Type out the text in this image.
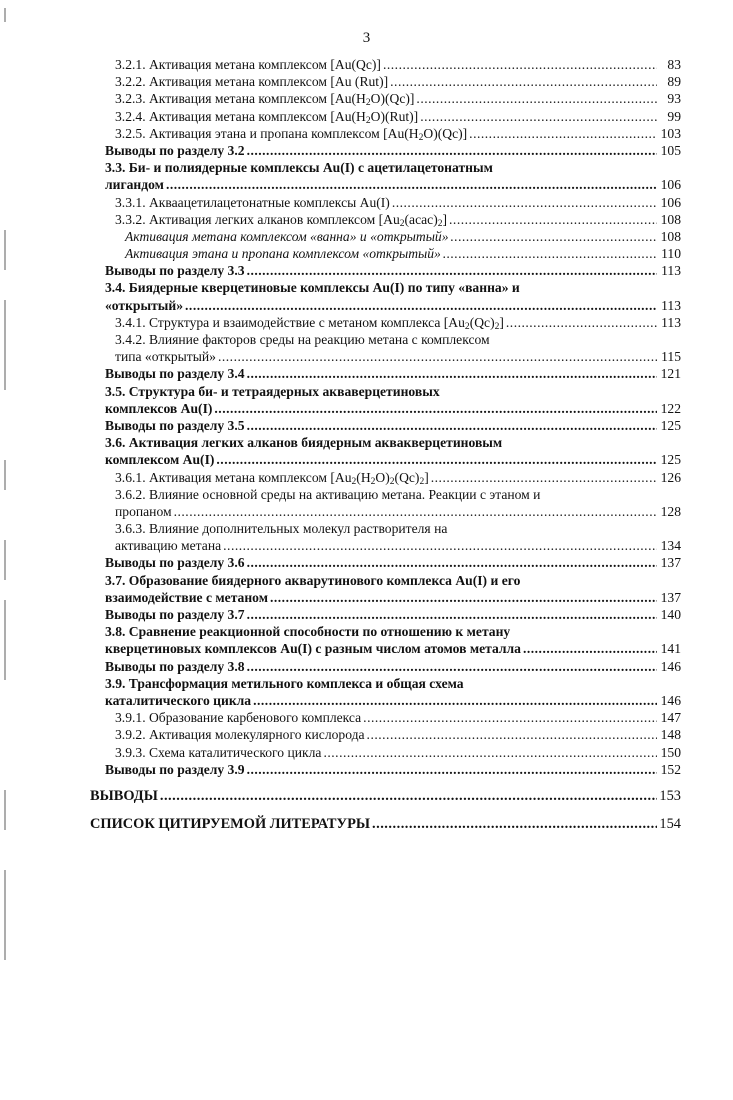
3
3.2.1. Активация метана комплексом [Au(Qc)] .....	83
3.2.2. Активация метана комплексом [Au (Rut)] .....	89
3.2.3. Активация метана комплексом $[Au(H_2O)(Qc)]$ .....	93
3.2.4. Активация метана комплексом $[Au(H_2O)(Rut)]$ .....	99
3.2.5. Активация этана и пропана комплексом $[Au(H_2O)(Qc)]$ .....	103
Выводы по разделу 3.2 .....	105
3.3. Би- и полиядерные комплексы Au(I) с ацетилацетонатным
лигандом .....	106
3.3.1. Акваацетилацетонатные комплексы Au(I) .....	106
3.3.2. Активация легких алканов комплексом $[Au_2(acac)_2]$ .....	108
Активация метана комплексом «ванна» и «открытый» .....	108
Активация этана и пропана комплексом «открытый» .....	110
Выводы по разделу 3.3 .....	113
3.4. Биядерные кверцетиновые комплексы Au(I) по типу «ванна» и
«открытый» .....	113
3.4.1. Структура и взаимодействие с метаном комплекса $[Au_2(Qc)_2]$ .....	113
3.4.2. Влияние факторов среды на реакцию метана с комплексом
типа «открытый» .....	115
Выводы по разделу 3.4 .....	121
3.5. Структура би- и тетраядерных акваверцетиновых
комплексов Au(I) .....	122
Выводы по разделу 3.5 .....	125
3.6. Активация легких алканов биядерным аквакверцетиновым
комплексом Au(I) .....	125
3.6.1. Активация метана комплексом $[Au_2(H_2O)_2(Qc)_2]$ .....	126
3.6.2. Влияние основной среды на активацию метана. Реакции с этаном и
пропаном .....	128
3.6.3. Влияние дополнительных молекул растворителя на
активацию метана .....	134
Выводы по разделу 3.6 .....	137
3.7. Образование биядерного акварутинового комплекса Au(I) и его
взаимодействие с метаном .....	137
Выводы по разделу 3.7 .....	140
3.8. Сравнение реакционной способности по отношению к метану
кверцетиновых комплексов Au(I) с разным числом атомов металла .....	141
Выводы по разделу 3.8 .....	146
3.9. Трансформация метильного комплекса и общая схема
каталитического цикла .....	146
3.9.1. Образование карбенового комплекса .....	147
3.9.2. Активация молекулярного кислорода .....	148
3.9.3. Схема каталитического цикла .....	150
Выводы по разделу 3.9 .....	152
ВЫВОДЫ .....	153
СПИСОК ЦИТИРУЕМОЙ ЛИТЕРАТУРЫ .....	154
